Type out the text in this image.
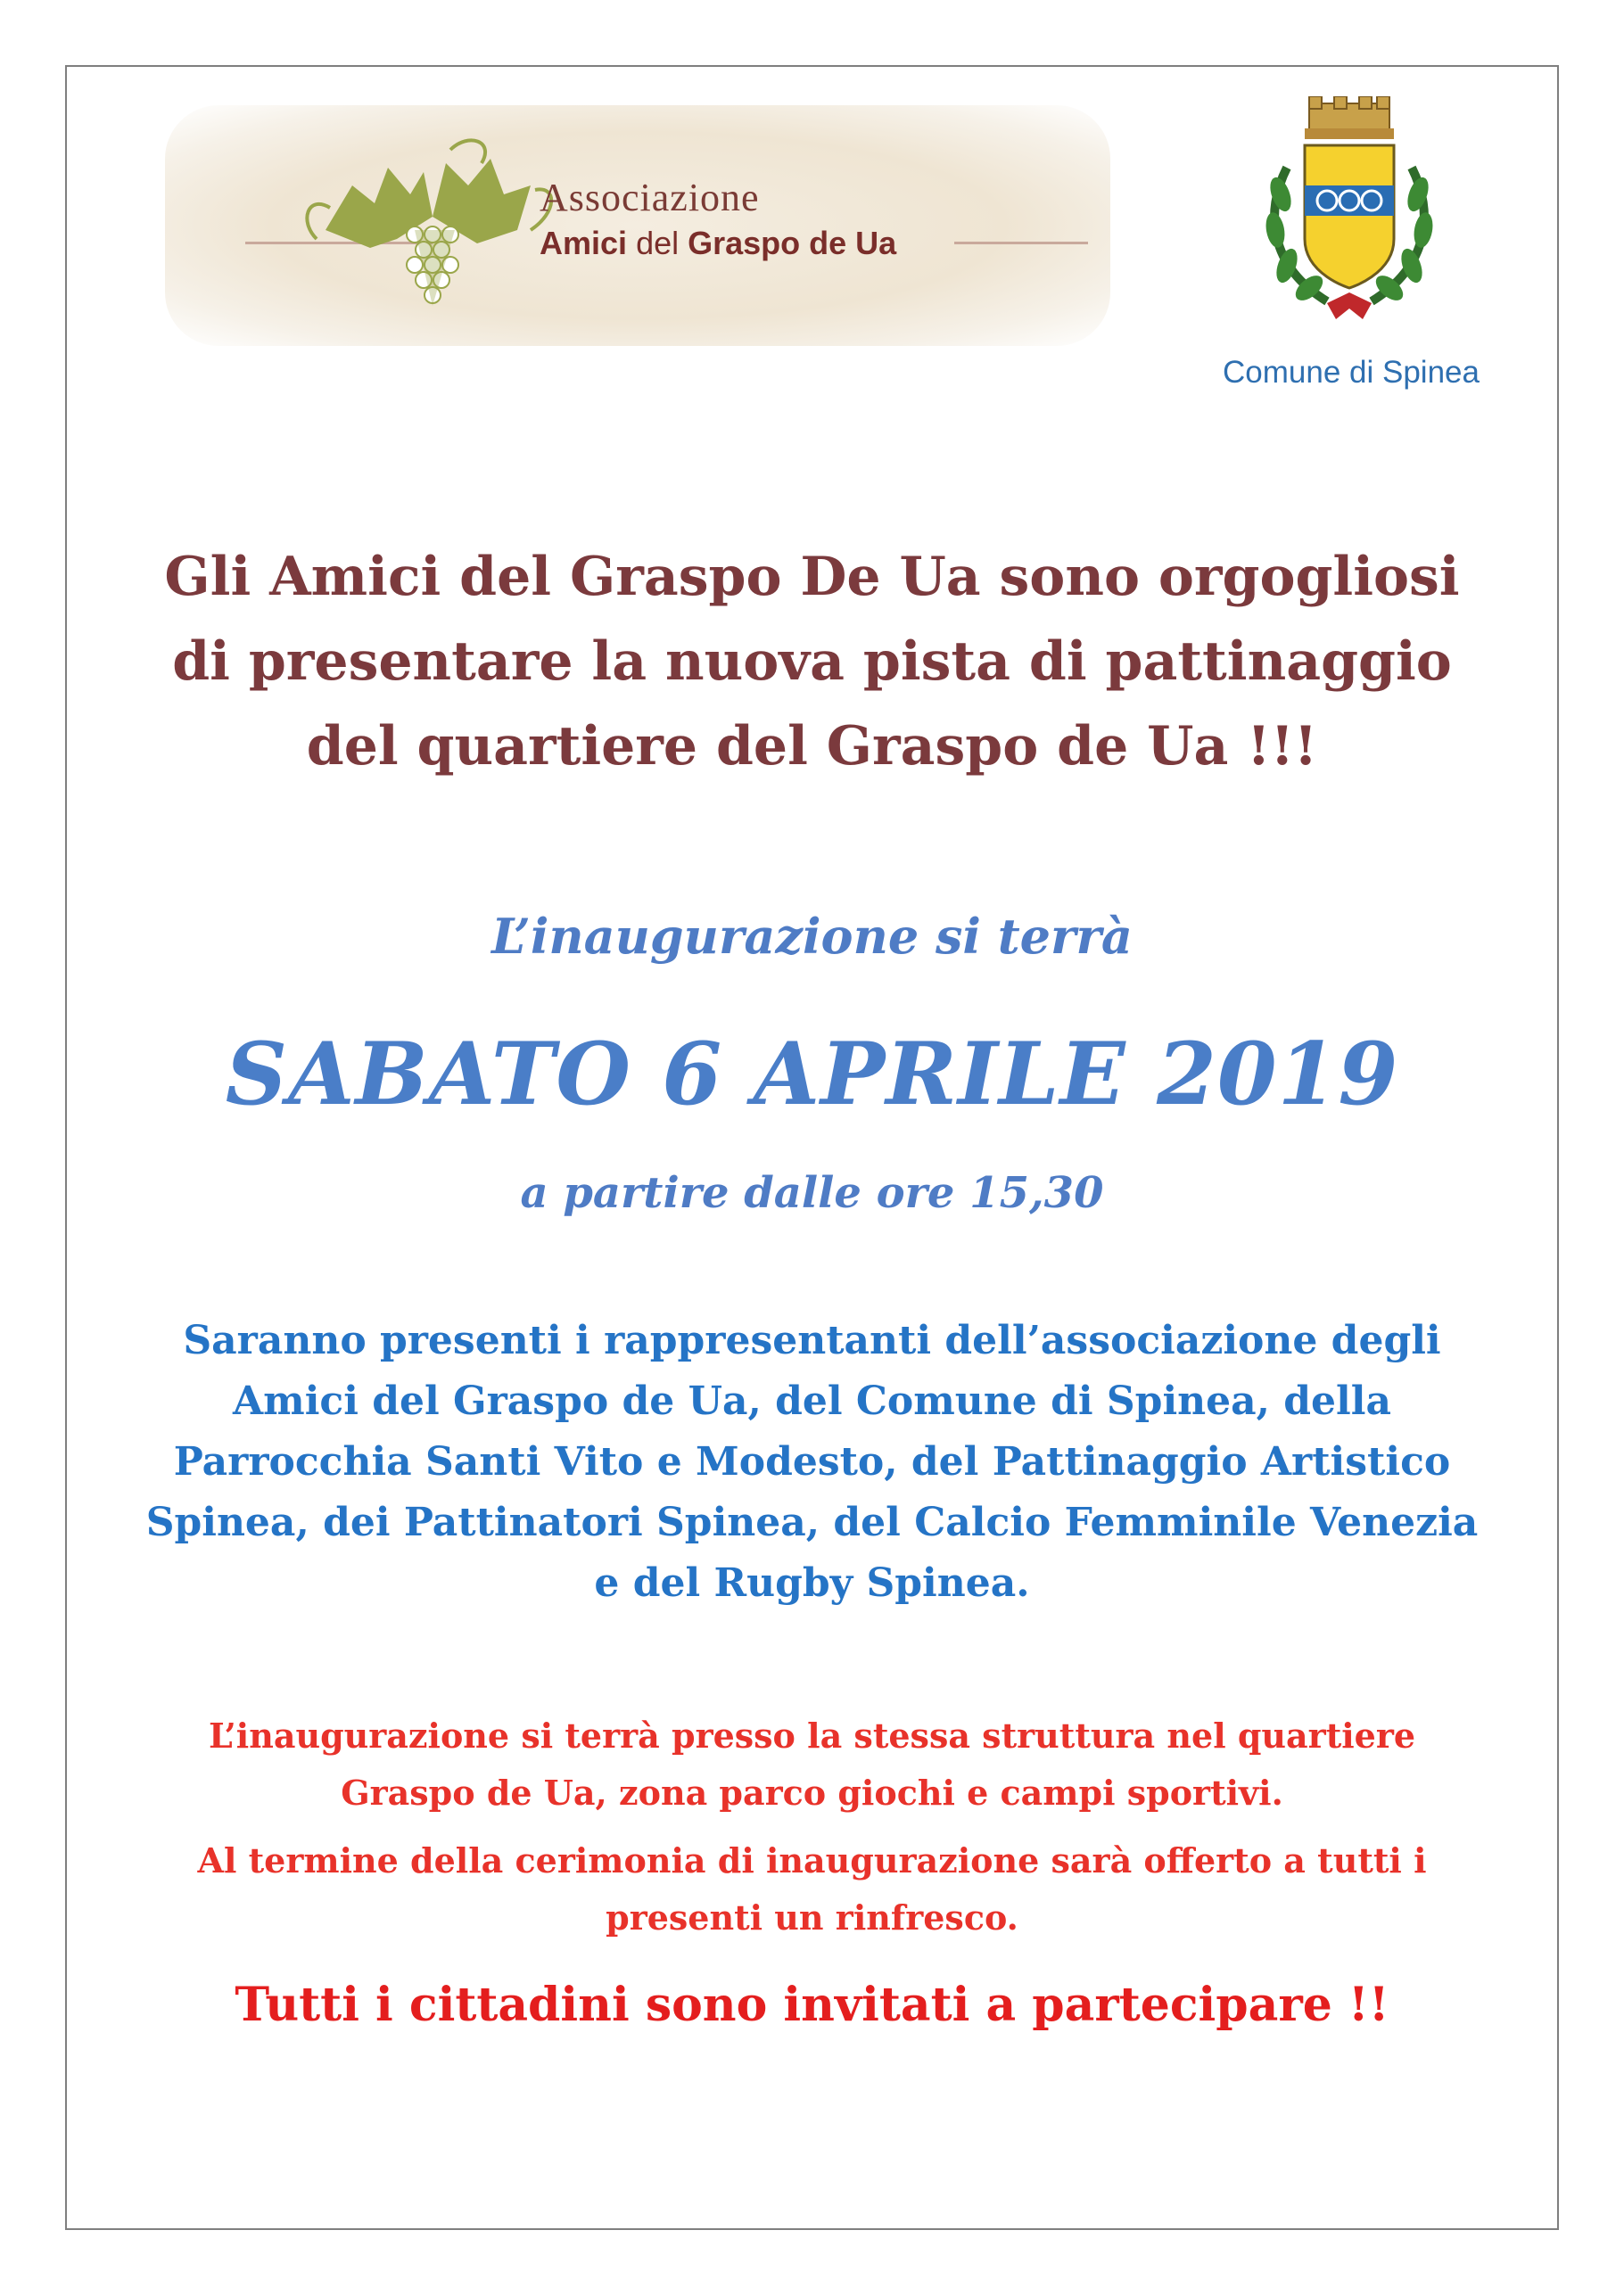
Associazione
Amici del Graspo de Ua
Comune di Spinea
Gli Amici del Graspo De Ua sono orgogliosi
di presentare la nuova pista di pattinaggio
del quartiere del Graspo de Ua !!!
L’inaugurazione si terrà
SABATO 6 APRILE 2019
a partire dalle ore 15,30
Saranno presenti i rappresentanti dell’associazione degli
Amici del Graspo de Ua, del Comune di Spinea, della
Parrocchia Santi Vito e Modesto, del Pattinaggio Artistico
Spinea, dei Pattinatori Spinea, del Calcio Femminile Venezia
e del Rugby Spinea.
L’inaugurazione si terrà presso la stessa struttura nel quartiere
Graspo de Ua, zona parco giochi e campi sportivi.
Al termine della cerimonia di inaugurazione sarà offerto a tutti i
presenti un rinfresco.
Tutti i cittadini sono invitati a partecipare !!
